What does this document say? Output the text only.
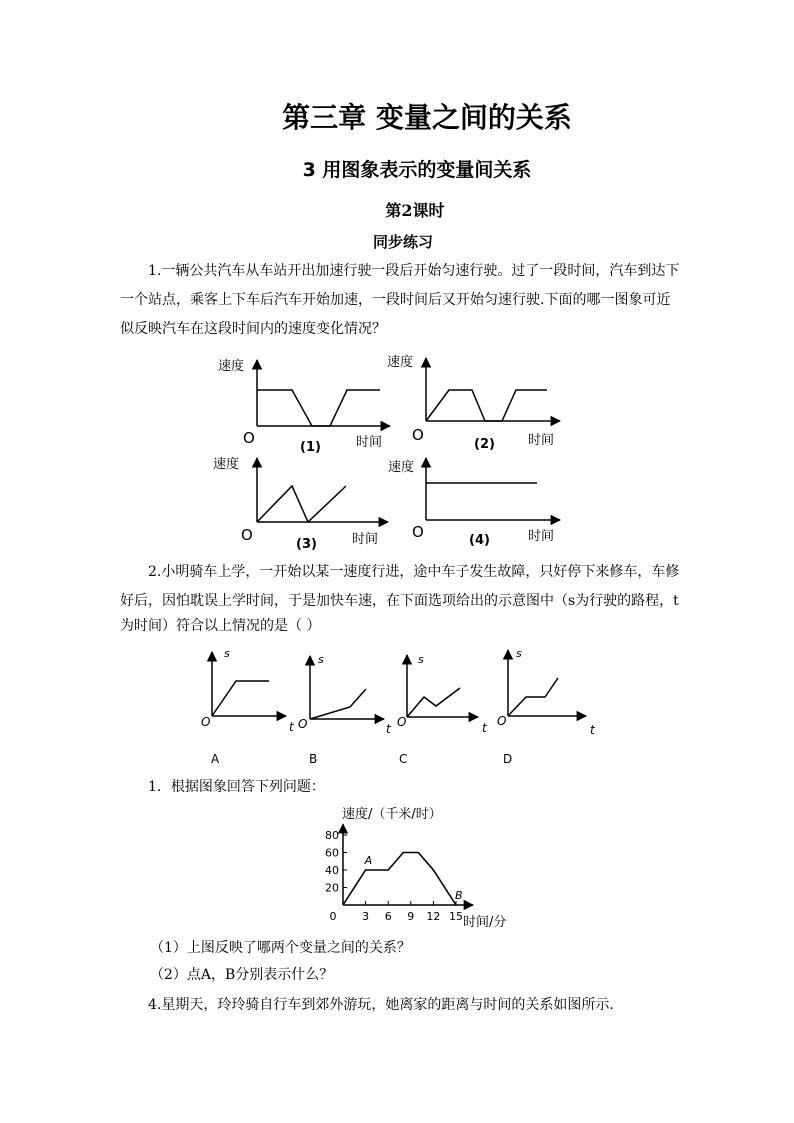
第三章 变量之间的关系
3 用图象表示的变量间关系
第2课时
同步练习
1.一辆公共汽车从车站开出加速行驶一段后开始匀速行驶。过了一段时间，汽车到达下
一个站点，乘客上下车后汽车开始加速，一段时间后又开始匀速行驶.下面的哪一图象可近
似反映汽车在这段时间内的速度变化情况？
速度
O	时间
(1)
速度
O	时间
(2)
速度
O	时间
(3)
速度
O	时间
(4)
2.小明骑车上学，一开始以某一速度行进，途中车子发生故障，只好停下来修车，车修
好后，因怕耽误上学时间，于是加快车速，在下面选项给出的示意图中（s为行驶的路程，t
为时间）符合以上情况的是（ ）
s
O	t
s
O	t
s
O	t
s
O
t
A	B	C	D
1．根据图象回答下列问题：
20
40
60
80
0 3 6 9 12 15
A
B
速度/（千米/时）
时间/分
（1）上图反映了哪两个变量之间的关系？
（2）点A，B分别表示什么？
4.星期天，玲玲骑自行车到郊外游玩，她离家的距离与时间的关系如图所示.
